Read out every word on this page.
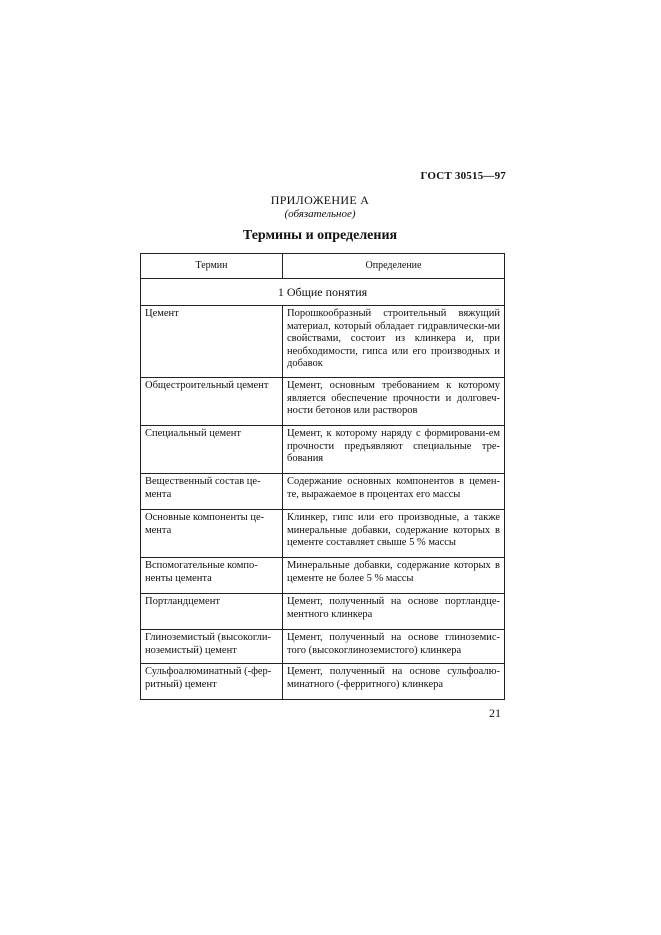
ГОСТ 30515—97
ПРИЛОЖЕНИЕ А
(обязательное)
Термины и определения
Термин	Определение
1 Общие понятия	
Цемент	Порошкообразный строительный вяжущий материал, который обладает гидравлически-ми свойствами, состоит из клинкера и, при необходимости, гипса или его производных и добавок
Общестроительный цемент	Цемент, основным требованием к которому является обеспечение прочности и долговеч-ности бетонов или растворов
Специальный цемент	Цемент, к которому наряду с формировани-ем прочности предъявляют специальные тре-бования
Вещественный состав це-мента	Содержание основных компонентов в цемен-те, выражаемое в процентах его массы
Основные компоненты це-мента	Клинкер, гипс или его производные, а также минеральные добавки, содержание которых в цементе составляет свыше 5 % массы
Вспомогательные компо-ненты цемента	Минеральные добавки, содержание которых в цементе не более 5 % массы
Портландцемент	Цемент, полученный на основе портландце-ментного клинкера
Глиноземистый (высокогли-ноземистый) цемент	Цемент, полученный на основе глиноземис-того (высокоглиноземистого) клинкера
Сульфоалюминатный (-фер-ритный) цемент	Цемент, полученный на основе сульфоалю-минатного (-ферритного) клинкера
21
